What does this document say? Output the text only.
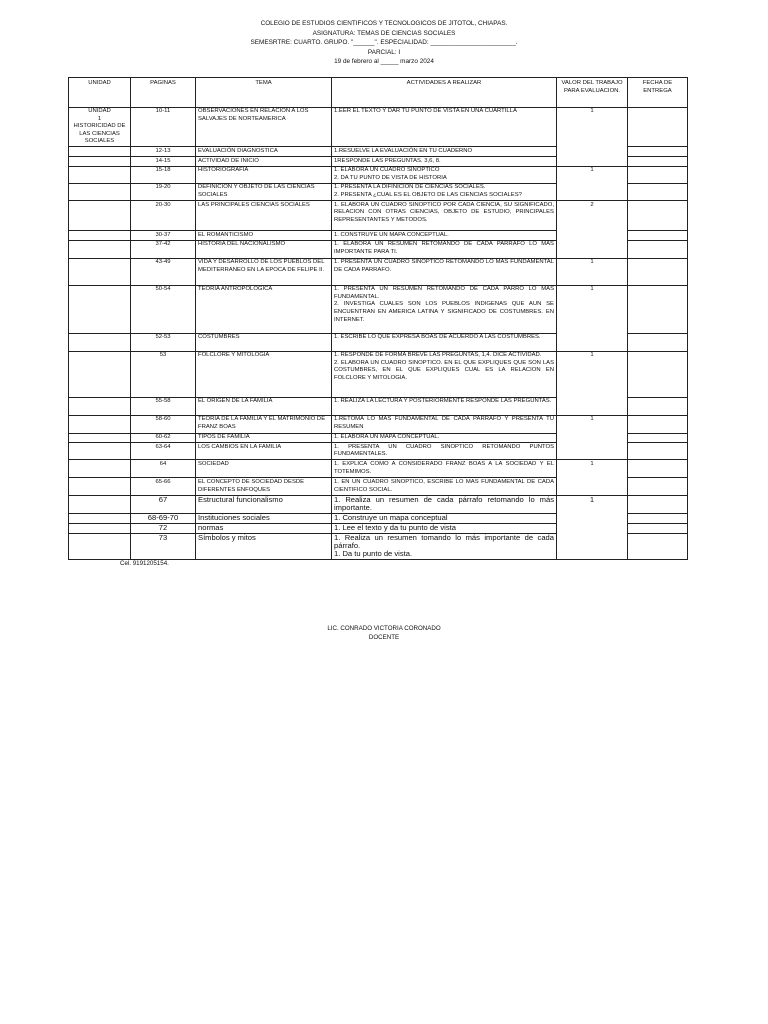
COLEGIO DE ESTUDIOS CIENTIFICOS Y TECNOLOGICOS DE JITOTOL, CHIAPAS.
ASIGNATURA: TEMAS DE CIENCIAS SOCIALES
SEMESRTRE: CUARTO. GRUPO. "______". ESPECIALIDAD: ________________________.
PARCIAL: I
19 de febrero al _____ marzo 2024
UNIDAD	PAGINAS	TEMA	ACTIVIDADES A REALIZAR	VALOR DEL TRABAJO PARA EVALUACION.	FECHA DE ENTREGA

UNIDAD
1
HISTORICIDAD DE LAS CIENCIAS SOCIALES	10-11	OBSERVACIONES EN RELACIÓN A LOS SALVAJES DE NORTEAMERICA	1.EER EL TEXTO Y DAR TU PUNTO DE VISTA EN UNA CUARTILLA	1	
	12-13	EVALUACIÓN DIAGNOSTICA	1.RESUELVE LA EVALUACIÓN EN TU CUADERNO		
	14-15	ACTIVIDAD DE INICIO	1RESPONDE LAS PREGUNTAS. 3,6, 8.		
	15-18	HISTORIOGRAFÍA	1. ELABORA UN CUADRO SINÓPTICO
2. DA TU PUNTO DE VISTA DE HISTORIA	1	
	19-20	DEFINICION Y OBJETO DE LAS CIENCIAS SOCIALES	1. PRESENTA LA DIFINICION DE CIENCIAS SOCIALES.
2. PRESENTA ¿CUAL ES EL OBJETO DE LAS CIENCIAS SOCIALES?		
	20-30	LAS PRINCIPALES CIENCIAS SOCIALES	1. ELABORA UN CUADRO SINOPTICO POR CADA CIENCIA, SU SIGNIFICADO, RELACION CON OTRAS CIENCIAS, OBJETO DE ESTUDIO, PRINCIPALES REPRESENTANTES Y METODOS.	2	
	30-37	EL ROMANTICISMO	1. CONSTRUYE UN MAPA CONCEPTUAL.		
	37-42	HISTORIA DEL NACIONALISMO	1. ELABORA UN RESUMEN RETOMANDO DE CADA PARRAFO LO MÁS IMPORTANTE PARA TI.		
	43-49	VIDA Y DESARROLLO DE LOS PUEBLOS DEL MEDITERRANEO EN LA EPOCA DE FELIPE II.	1. PRESENTA UN CUADRO SINOPTICO RETOMANDO LO MÁS FUNDAMENTAL DE CADA PARRAFO.	1	
	50-54	TEORIA ANTROPOLOGICA	1. PRESENTA UN RESUMEN RETOMANDO DE CADA PARRO LO MÁS FUNDAMENTAL.
2. INVESTIGA CUALES SON LOS PUEBLOS INDIGENAS QUE AUN SE ENCUENTRAN EN AMERICA LATINA Y SIGNIFICADO DE COSTUMBRES. EN INTERNET.	1	
	52-53	COSTUMBRES	1. ESCRIBE LO QUE EXPRESA BOAS DE ACUERDO A LAS COSTUMBRES.		
	53	FOLCLORE Y MITOLOGIA	1. RESPONDE DE FORMA BREVE LAS PREGUNTAS, 1,4. DICE ACTIVIDAD.
2. ELABORA UN CUADRO SINOPTICO. EN EL QUE EXPLIQUES QUE SON LAS COSTUMBRES, EN EL QUE EXPLIQUES CUAL ES LA RELACION EN FOLCLORE Y MITOLOGIA.	1	
	55-58	EL ORIGEN DE LA FAMILIA	1. REALIZA LA LECTURA Y POSTERIORMENTE RESPONDE LAS PREGUNTAS.		
	58-60	TEORIA DE LA FAMILIA Y EL MATRIMONIO DE FRANZ BOAS	1.RETOMA LO MAS FUNDAMENTAL DE CADA PARRAFO Y PRESENTA TU RESUMEN	1	
	60-62	TIPOS DE FAMILIA	1. ELABORA UN MAPA CONCEPTUAL.		
	63-64	LOS CAMBIOS EN LA FAMILIA	1. PRESENTA UN CUADRO SINOPTICO RETOMANDO PUNTOS FUNDAMENTALES.		
	64	SOCIEDAD	1. EXPLICA COMO A CONSIDERADO FRANZ BOAS A LA SOCIEDAD Y EL TOTEMIMOS.	1	
	65-66	EL CONCEPTO DE SOCIEDAD DESDE DIFERENTES ENFOQUES	1. EN UN CUADRO SINOPTICO, ESCRIBE LO MAS FUNDAMENTAL DE CADA CIENTIFICO SOCIAL.		
	67	Estructural funcionalismo	1. Realiza un resumen de cada párrafo retomando lo más importante.	1	
	68-69-70	Instituciones sociales	1. Construye un mapa conceptual		
	72	normas	1. Lee el texto y da tu punto de vista		
	73	Símbolos y mitos	1. Realiza un resumen tomando lo más importante de cada párrafo.
1. Da tu punto de vista.		
Cel. 9191205154.
LIC. CONRADO VICTORIA CORONADO
DOCENTE
